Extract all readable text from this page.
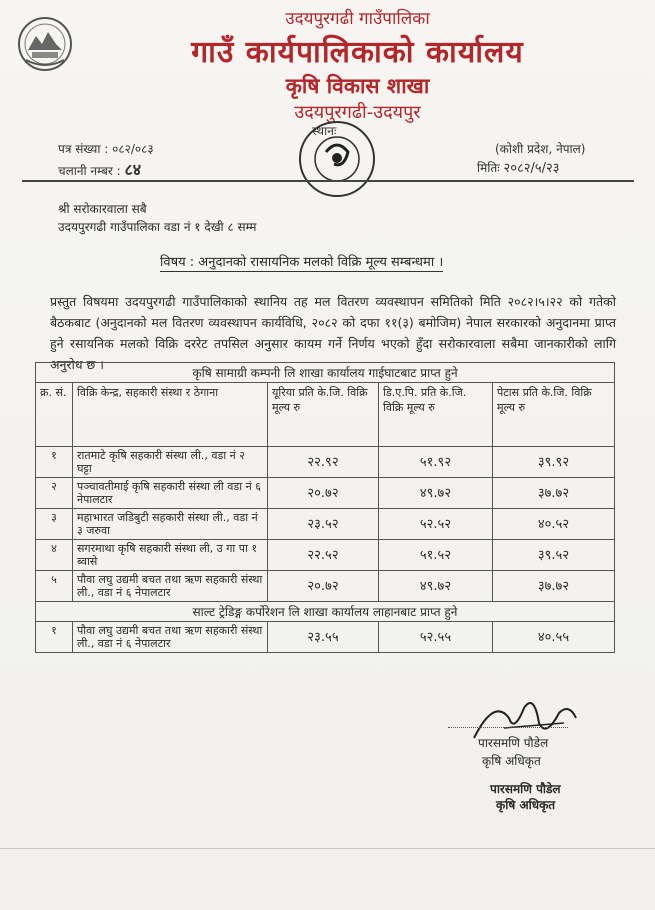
उदयपुरगढी गाउँपालिका
गाउँ कार्यपालिकाको कार्यालय
कृषि विकास शाखा
उदयपुरगढी-उदयपुर
पत्र संख्या : ०८२/०८३
चलानी नम्बर : ८४
स्थानः
(कोशी प्रदेश, नेपाल)
मितिः २०८२/५/२३
श्री सरोकारवाला सबै
उदयपुरगढी गाउँपालिका वडा नं १ देखी ८ सम्म
विषय : अनुदानको रासायनिक मलको विक्रि मूल्य सम्बन्धमा ।
प्रस्तुत विषयमा उदयपुरगढी गाउँपालिकाको स्थानिय तह मल वितरण व्यवस्थापन समितिको मिति २०८२।५।२२ को गतेको बैठकबाट (अनुदानको मल वितरण व्यवस्थापन कार्यविधि, २०८२ को दफा ११(३) बमोजिम) नेपाल सरकारको अनुदानमा प्राप्त हुने रसायनिक मलको विक्रि दररेट तपसिल अनुसार कायम गर्ने निर्णय भएको हुँदा सरोकारवाला सबैमा जानकारीको लागि अनुरोध छ ।
कृषि सामाग्री कम्पनी लि शाखा कार्यालय गाईघाटबाट प्राप्त हुने				
क्र. सं.	विक्रि केन्द्र, सहकारी संस्था र ठेगाना	यूरिया प्रति के.जि. विक्रि मूल्य रु	डि.ए.पि. प्रति के.जि. विक्रि मूल्य रु	पेटास प्रति के.जि. विक्रि मूल्य रु
१	रातमाटे कृषि सहकारी संस्था ली., वडा नं २ घट्टा	२२.९२	५१.९२	३९.९२
२	पञ्चावतीमाई कृषि सहकारी संस्था ली वडा नं ६ नेपालटार	२०.७२	४९.७२	३७.७२
३	महाभारत जडिबुटी सहकारी संस्था ली., वडा नं ३ जरुवा	२३.५२	५२.५२	४०.५२
४	सगरमाथा कृषि सहकारी संस्था ली, उ गा पा १ ब्वासे	२२.५२	५१.५२	३९.५२
५	पौवा लघु उद्यमी बचत तथा ऋण सहकारी संस्था ली., वडा नं ६ नेपालटार	२०.७२	४९.७२	३७.७२
साल्ट ट्रेडिङ्ग कर्पोरेशन लि शाखा कार्यालय लाहानबाट प्राप्त हुने				
१	पौवा लघु उद्यमी बचत तथा ऋण सहकारी संस्था ली., वडा नं ६ नेपालटार	२३.५५	५२.५५	४०.५५
पारसमणि पौडेल
कृषि अधिकृत
पारसमणि पौडेल
कृषि अधिकृत
